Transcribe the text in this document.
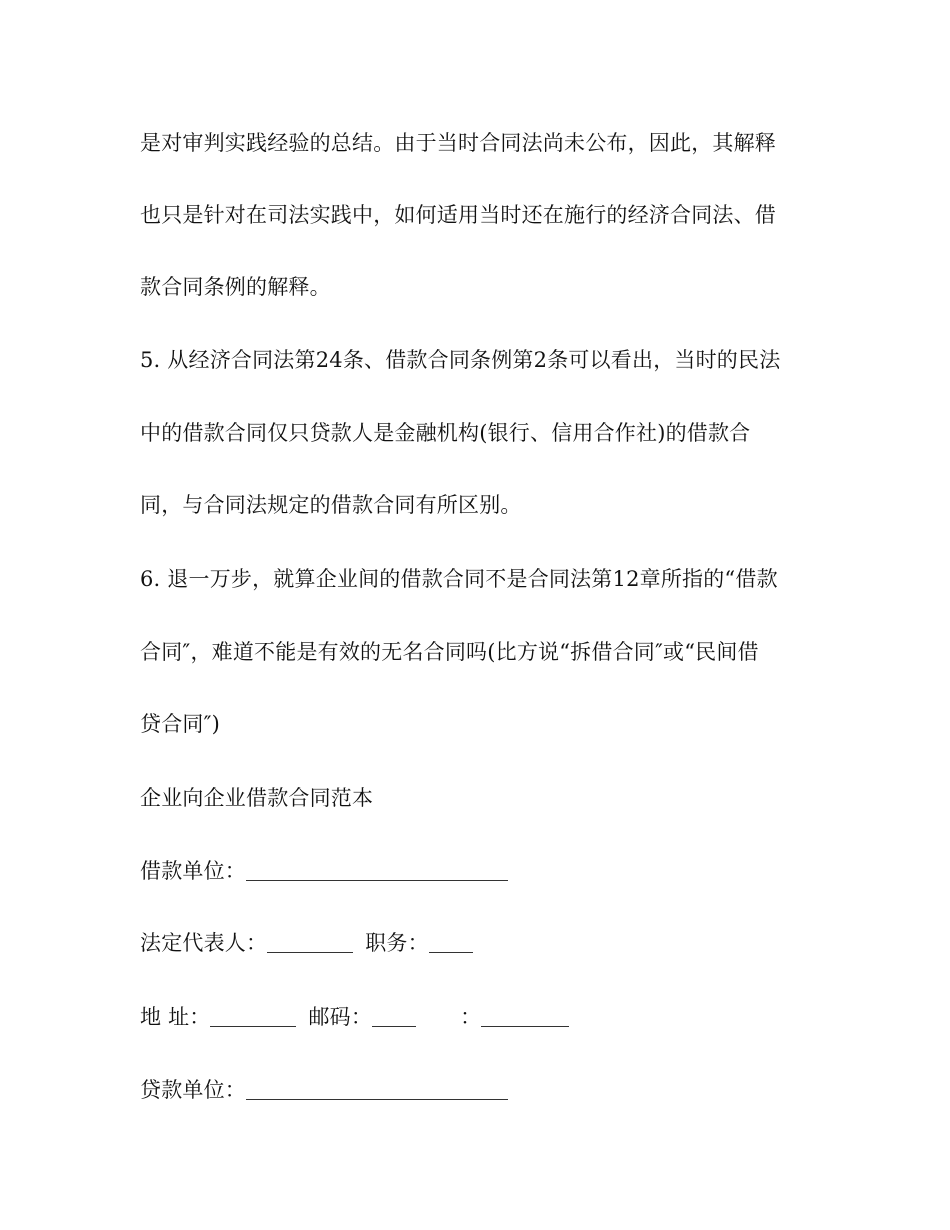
是对审判实践经验的总结。由于当时合同法尚未公布，因此，其解释
也只是针对在司法实践中，如何适用当时还在施行的经济合同法、借
款合同条例的解释。
5. 从经济合同法第24条、借款合同条例第2条可以看出，当时的民法
中的借款合同仅只贷款人是金融机构(银行、信用合作社)的借款合
同，与合同法规定的借款合同有所区别。
6. 退一万步，就算企业间的借款合同不是合同法第12章所指的“借款
合同″，难道不能是有效的无名合同吗(比方说“拆借合同″或“民间借
贷合同″)
企业向企业借款合同范本
借款单位：
法定代表人：	职务：
地 址：	邮码：	：
贷款单位：
